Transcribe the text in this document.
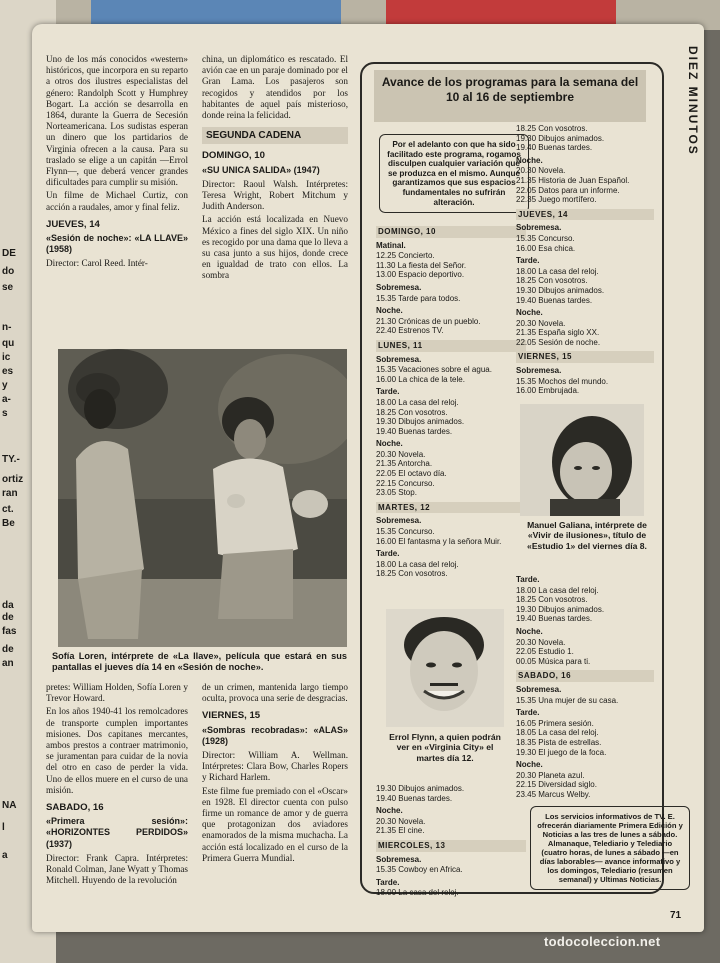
DE
do
se
n-
qu
ic
es
y
a-
s
TY.-
ortiz
ran
ct.
Be
da
de
fas
de
an
NA
l
a
DIEZ MINUTOS

Uno de los más conocidos «western» históricos, que incorpora en su reparto a otros dos ilustres especialistas del género: Randolph Scott y Humphrey Bogart. La acción se desarrolla en 1864, durante la Guerra de Secesión Norteamericana. Los sudistas esperan un dinero que los partidarios de Virginia ofrecen a la causa. Para su traslado se elige a un capitán —Errol Flynn—, que deberá vencer grandes dificultades para cumplir su misión.

Un filme de Michael Curtiz, con acción a raudales, amor y final feliz.

JUEVES, 14
«Sesión de noche»: «LA LLAVE» (1958)

Director: Carol Reed. Intér-

Sofía Loren, intérprete de «La llave», película que estará en sus pantallas el jueves día 14 en «Sesión de noche».

pretes: William Holden, Sofía Loren y Trevor Howard.

En los años 1940-41 los remolcadores de transporte cumplen importantes misiones. Dos capitanes mercantes, ambos prestos a contraer matrimonio, se juramentan para cuidar de la novia del otro en caso de perder la vida. Uno de ellos muere en el curso de una misión.

SABADO, 16
«Primera sesión»: «HORIZONTES PERDIDOS» (1937)

Director: Frank Capra. Intérpretes: Ronald Colman, Jane Wyatt y Thomas Mitchell. Huyendo de la revolución

china, un diplomático es rescatado. El avión cae en un paraje dominado por el Gran Lama. Los pasajeros son recogidos y atendidos por los habitantes de aquel país misterioso, donde reina la felicidad.

SEGUNDA CADENA
DOMINGO, 10
«SU UNICA SALIDA» (1947)

Director: Raoul Walsh. Intérpretes: Teresa Wright, Robert Mitchum y Judith Anderson.

La acción está localizada en Nuevo México a fines del siglo XIX. Un niño es recogido por una dama que lo lleva a su casa junto a sus hijos, donde crece en igualdad de trato con ellos. La sombra

de un crimen, mantenida largo tiempo oculta, provoca una serie de desgracias.

VIERNES, 15
«Sombras recobradas»: «ALAS» (1928)

Director: William A. Wellman. Intérpretes: Clara Bow, Charles Ropers y Richard Harlem.

Este filme fue premiado con el «Oscar» en 1928. El director cuenta con pulso firme un romance de amor y de guerra que protagonizan dos aviadores enamorados de la misma muchacha. La acción está localizado en el curso de la Primera Guerra Mundial.

Avance de los programas para la semana del 10 al 16 de septiembre
Por el adelanto con que ha sido facilitado este programa, rogamos disculpen cualquier variación que se produzca en el mismo. Aunque garantizamos que sus espacios fundamentales no sufrirán alteración.
DOMINGO, 10
Matinal.
12.25 Concierto.
11.30 La fiesta del Señor.
13.00 Espacio deportivo.
Sobremesa.
15.35 Tarde para todos.
Noche.
21.30 Crónicas de un pueblo.
22.40 Estrenos TV.
LUNES, 11
Sobremesa.
15.35 Vacaciones sobre el agua.
16.00 La chica de la tele.
Tarde.
18.00 La casa del reloj.
18.25 Con vosotros.
19.30 Dibujos animados.
19.40 Buenas tardes.
Noche.
20.30 Novela.
21.35 Antorcha.
22.05 El octavo día.
22.15 Concurso.
23.05 Stop.
MARTES, 12
Sobremesa.
15.35 Concurso.
16.00 El fantasma y la señora Muir.
Tarde.
18.00 La casa del reloj.
18.25 Con vosotros.
19.30 Dibujos animados.
19.40 Buenas tardes.
Noche.
20.30 Novela.
21.35 El cine.
MIERCOLES, 13
Sobremesa.
15.35 Cowboy en Africa.
Tarde.
18.00 La casa del reloj.
18.25 Con vosotros.
19.30 Dibujos animados.
19.40 Buenas tardes.
Noche.
20.30 Novela.
21.35 Historia de Juan Español.
22.05 Datos para un informe.
22.35 Juego mortífero.
JUEVES, 14
Sobremesa.
15.35 Concurso.
16.00 Esa chica.
Tarde.
18.00 La casa del reloj.
18.25 Con vosotros.
19.30 Dibujos animados.
19.40 Buenas tardes.
Noche.
20.30 Novela.
21.35 España siglo XX.
22.05 Sesión de noche.
VIERNES, 15
Sobremesa.
15.35 Mochos del mundo.
16.00 Embrujada.
Tarde.
18.00 La casa del reloj.
18.25 Con vosotros.
19.30 Dibujos animados.
19.40 Buenas tardes.
Noche.
20.30 Novela.
22.05 Estudio 1.
00.05 Música para ti.
SABADO, 16
Sobremesa.
15.35 Una mujer de su casa.
Tarde.
16.05 Primera sesión.
18.05 La casa del reloj.
18.35 Pista de estrellas.
19.30 El juego de la foca.
Noche.
20.30 Planeta azul.
22.15 Diversidad siglo.
23.45 Marcus Welby.
Manuel Galiana, intérprete de «Vivir de ilusiones», título de «Estudio 1» del viernes día 8.
Errol Flynn, a quien podrán ver en «Virginia City» el martes día 12.
Los servicios informativos de TV. E. ofrecerán diariamente Primera Edición y Noticias a las tres de lunes a sábado. Almanaque, Telediario y Telediario (cuatro horas, de lunes a sábado —en días laborables— avance informativo y los domingos, Telediario (resumen semanal) y Ultimas Noticias.
71
todocoleccion.net
